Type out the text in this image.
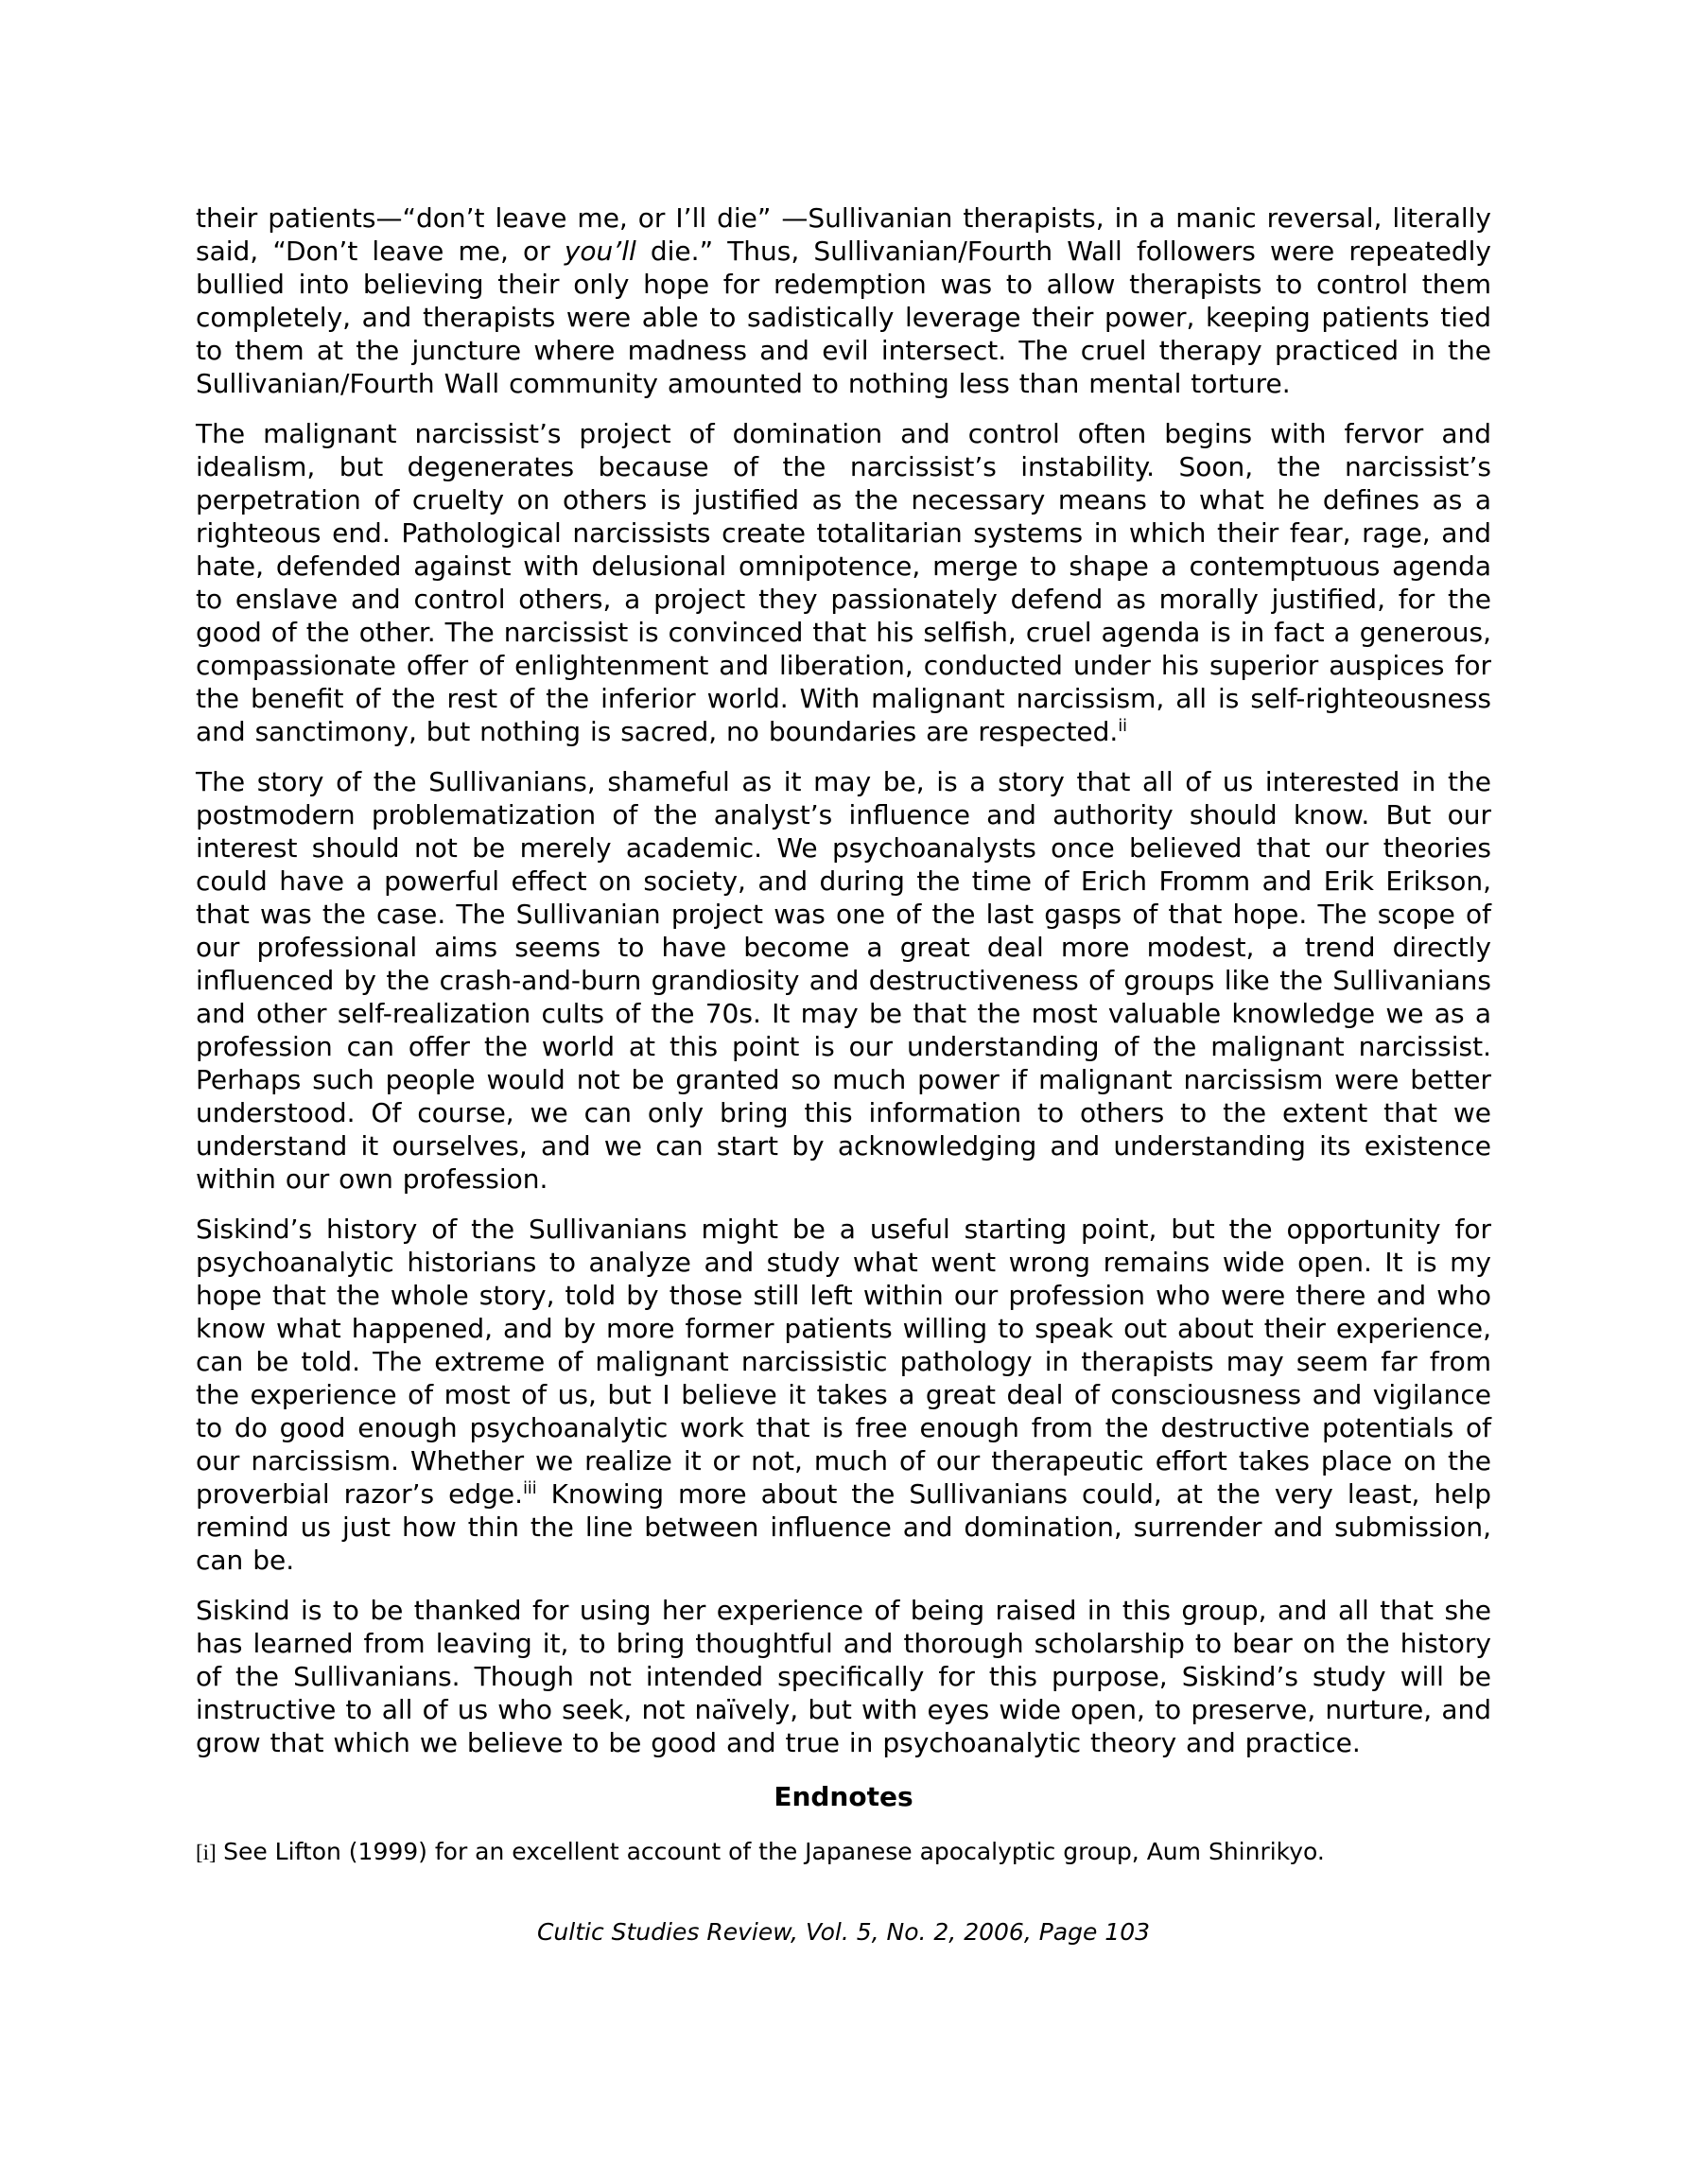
their patients—“don’t leave me, or I’ll die” —Sullivanian therapists, in a manic reversal, literally said, “Don’t leave me, or you’ll die.” Thus, Sullivanian/Fourth Wall followers were repeatedly bullied into believing their only hope for redemption was to allow therapists to control them completely, and therapists were able to sadistically leverage their power, keeping patients tied to them at the juncture where madness and evil intersect. The cruel therapy practiced in the Sullivanian/Fourth Wall community amounted to nothing less than mental torture.

The malignant narcissist’s project of domination and control often begins with fervor and idealism, but degenerates because of the narcissist’s instability. Soon, the narcissist’s perpetration of cruelty on others is justified as the necessary means to what he defines as a righteous end. Pathological narcissists create totalitarian systems in which their fear, rage, and hate, defended against with delusional omnipotence, merge to shape a contemptuous agenda to enslave and control others, a project they passionately defend as morally justified, for the good of the other. The narcissist is convinced that his selfish, cruel agenda is in fact a generous, compassionate offer of enlightenment and liberation, conducted under his superior auspices for the benefit of the rest of the inferior world. With malignant narcissism, all is self-righteousness and sanctimony, but nothing is sacred, no boundaries are respected.$^{ii}$

The story of the Sullivanians, shameful as it may be, is a story that all of us interested in the postmodern problematization of the analyst’s influence and authority should know. But our interest should not be merely academic. We psychoanalysts once believed that our theories could have a powerful effect on society, and during the time of Erich Fromm and Erik Erikson, that was the case. The Sullivanian project was one of the last gasps of that hope. The scope of our professional aims seems to have become a great deal more modest, a trend directly influenced by the crash-and-burn grandiosity and destructiveness of groups like the Sullivanians and other self-realization cults of the 70s. It may be that the most valuable knowledge we as a profession can offer the world at this point is our understanding of the malignant narcissist. Perhaps such people would not be granted so much power if malignant narcissism were better understood. Of course, we can only bring this information to others to the extent that we understand it ourselves, and we can start by acknowledging and understanding its existence within our own profession.

Siskind’s history of the Sullivanians might be a useful starting point, but the opportunity for psychoanalytic historians to analyze and study what went wrong remains wide open. It is my hope that the whole story, told by those still left within our profession who were there and who know what happened, and by more former patients willing to speak out about their experience, can be told. The extreme of malignant narcissistic pathology in therapists may seem far from the experience of most of us, but I believe it takes a great deal of consciousness and vigilance to do good enough psychoanalytic work that is free enough from the destructive potentials of our narcissism. Whether we realize it or not, much of our therapeutic effort takes place on the proverbial razor’s edge.$^{iii}$ Knowing more about the Sullivanians could, at the very least, help remind us just how thin the line between influence and domination, surrender and submission, can be.

Siskind is to be thanked for using her experience of being raised in this group, and all that she has learned from leaving it, to bring thoughtful and thorough scholarship to bear on the history of the Sullivanians. Though not intended specifically for this purpose, Siskind’s study will be instructive to all of us who seek, not naïvely, but with eyes wide open, to preserve, nurture, and grow that which we believe to be good and true in psychoanalytic theory and practice.

Endnotes

[i] See Lifton (1999) for an excellent account of the Japanese apocalyptic group, Aum Shinrikyo.

Cultic Studies Review, Vol. 5, No. 2, 2006, Page 103
